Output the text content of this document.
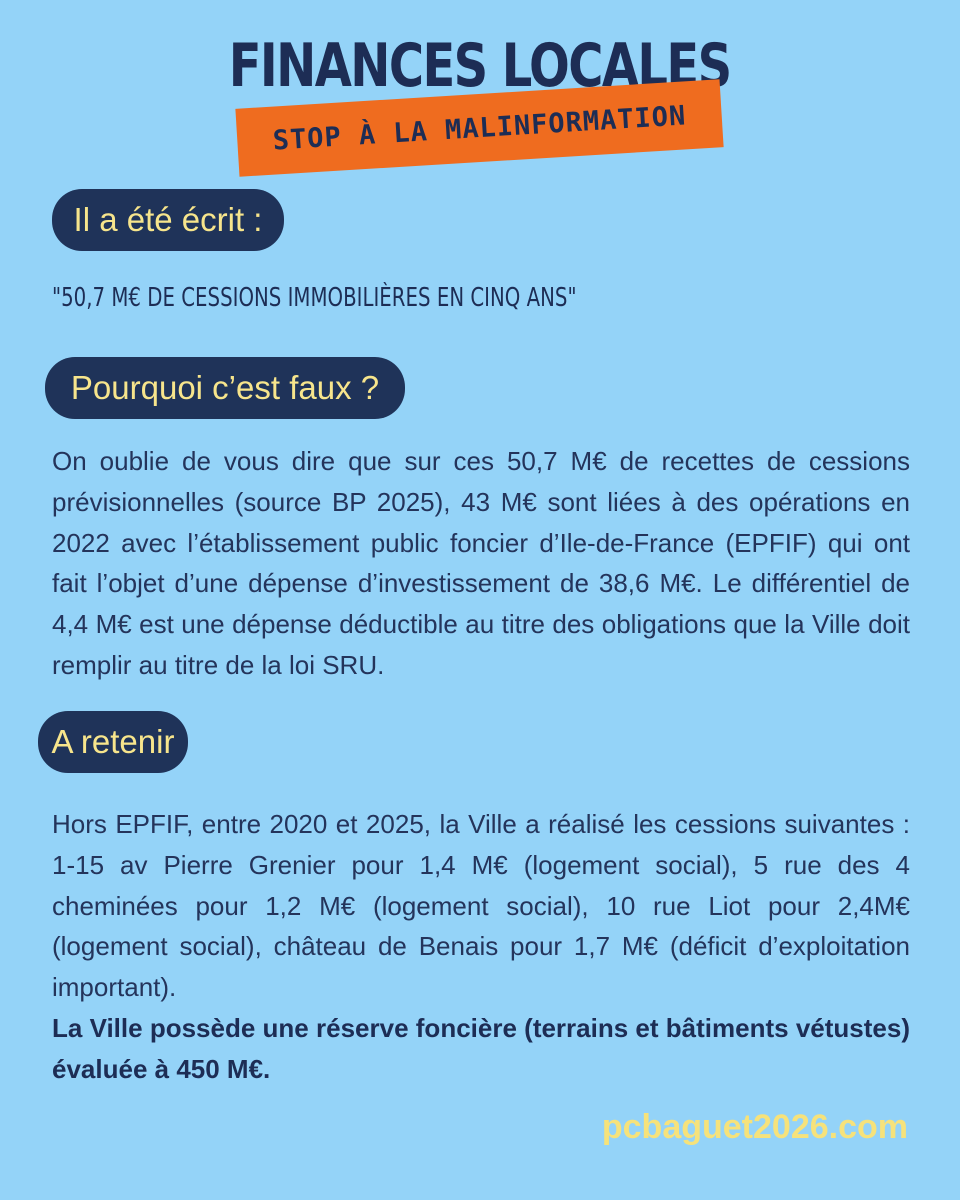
FINANCES LOCALES
STOP À LA MALINFORMATION
Il a été écrit :
"50,7 M€ DE CESSIONS IMMOBILIÈRES EN CINQ ANS"
Pourquoi c’est faux ?
On oublie de vous dire que sur ces 50,7 M€ de recettes de cessions prévisionnelles (source BP 2025), 43 M€ sont liées à des opérations en 2022 avec l’établissement public foncier d’Ile-de-France (EPFIF) qui ont fait l’objet d’une dépense d’investissement de 38,6 M€. Le différentiel de 4,4 M€ est une dépense déductible au titre des obligations que la Ville doit remplir au titre de la loi SRU.
A retenir
Hors EPFIF, entre 2020 et 2025, la Ville a réalisé les cessions suivantes : 1-15 av Pierre Grenier pour 1,4 M€ (logement social), 5 rue des 4 cheminées pour 1,2 M€ (logement social), 10 rue Liot pour 2,4M€ (logement social), château de Benais pour 1,7 M€ (déficit d’exploitation important).
La Ville possède une réserve foncière (terrains et bâtiments vétustes) évaluée à 450 M€.
pcbaguet2026.com
